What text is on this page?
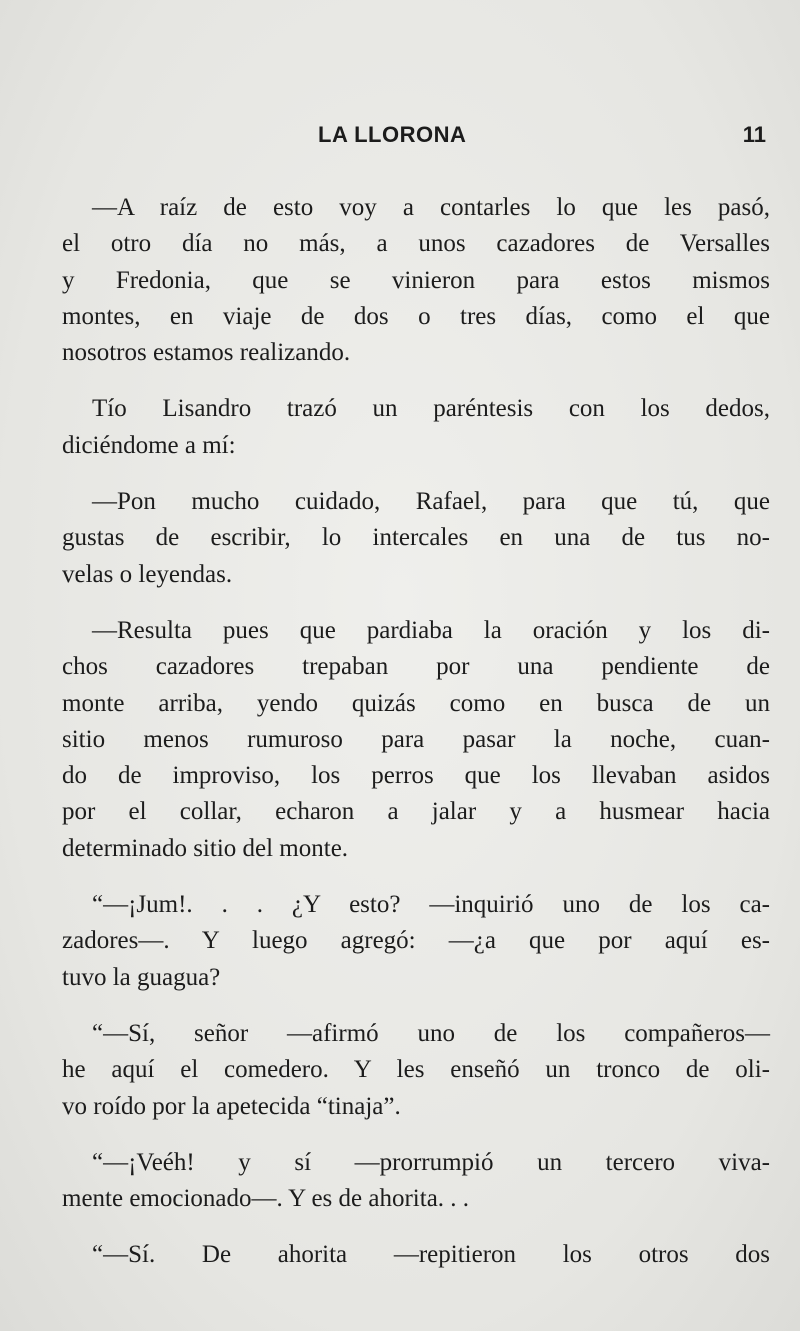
LA LLORONA	11
—A raíz de esto voy a contarles lo que les pasó,
el otro día no más, a unos cazadores de Versalles
y Fredonia, que se vinieron para estos mismos
montes, en viaje de dos o tres días, como el que
nosotros estamos realizando.
Tío Lisandro trazó un paréntesis con los dedos,
diciéndome a mí:
—Pon mucho cuidado, Rafael, para que tú, que
gustas de escribir, lo intercales en una de tus no-
velas o leyendas.
—Resulta pues que pardiaba la oración y los di-
chos cazadores trepaban por una pendiente de
monte arriba, yendo quizás como en busca de un
sitio menos rumuroso para pasar la noche, cuan-
do de improviso, los perros que los llevaban asidos
por el collar, echaron a jalar y a husmear hacia
determinado sitio del monte.
“—¡Jum!. . . ¿Y esto? —inquirió uno de los ca-
zadores—. Y luego agregó: —¿a que por aquí es-
tuvo la guagua?
“—Sí, señor —afirmó uno de los compañeros—
he aquí el comedero. Y les enseñó un tronco de oli-
vo roído por la apetecida “tinaja”.
“—¡Veéh! y sí —prorrumpió un tercero viva-
mente emocionado—. Y es de ahorita. . .
“—Sí. De ahorita —repitieron los otros dos
